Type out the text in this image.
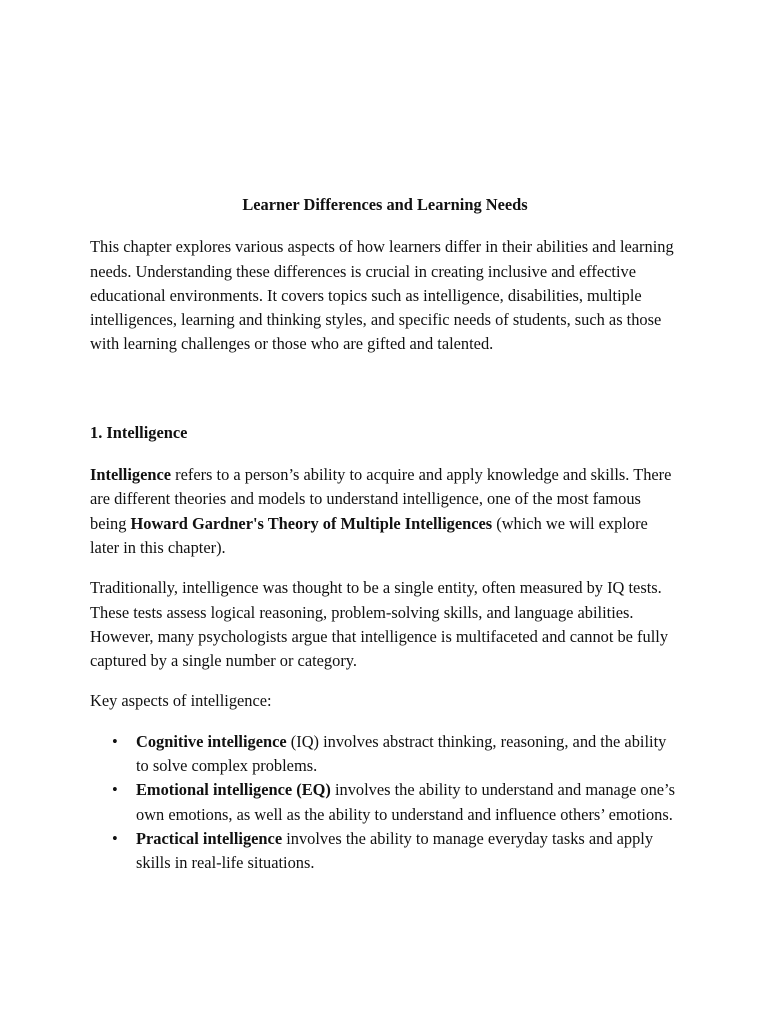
Learner Differences and Learning Needs

This chapter explores various aspects of how learners differ in their abilities and learning needs. Understanding these differences is crucial in creating inclusive and effective educational environments. It covers topics such as intelligence, disabilities, multiple intelligences, learning and thinking styles, and specific needs of students, such as those with learning challenges or those who are gifted and talented.

1. Intelligence

Intelligence refers to a person’s ability to acquire and apply knowledge and skills. There are different theories and models to understand intelligence, one of the most famous being Howard Gardner's Theory of Multiple Intelligences (which we will explore later in this chapter).

Traditionally, intelligence was thought to be a single entity, often measured by IQ tests. These tests assess logical reasoning, problem-solving skills, and language abilities. However, many psychologists argue that intelligence is multifaceted and cannot be fully captured by a single number or category.

Key aspects of intelligence:

• Cognitive intelligence (IQ) involves abstract thinking, reasoning, and the ability to solve complex problems.
• Emotional intelligence (EQ) involves the ability to understand and manage one’s own emotions, as well as the ability to understand and influence others’ emotions.
• Practical intelligence involves the ability to manage everyday tasks and apply skills in real-life situations.
